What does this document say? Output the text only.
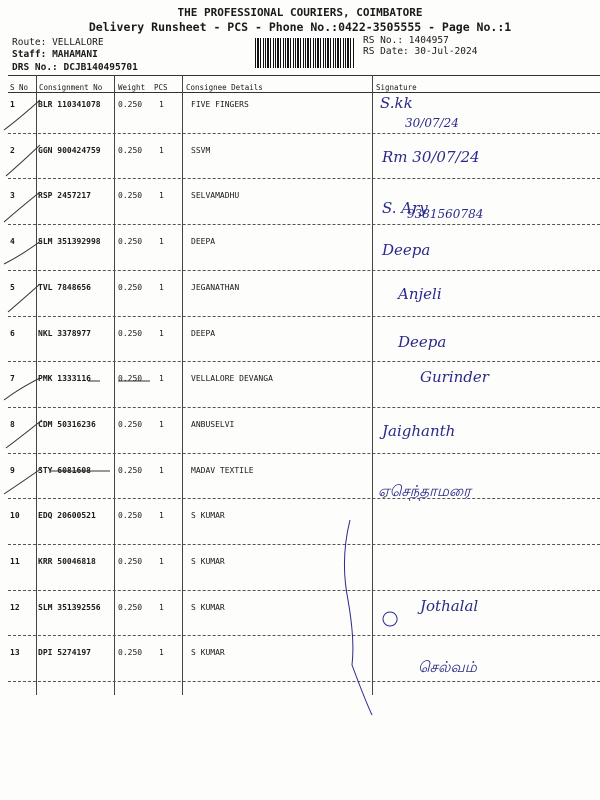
THE PROFESSIONAL COURIERS, COIMBATORE
Delivery Runsheet - PCS - Phone No.:0422-3505555 - Page No.:1
Route: VELLALORE
Staff: MAHAMANI
DRS No.: DCJB140495701
RS No.: 1404957
RS Date: 30-Jul-2024
S No Consignment No Weight PCS Consignee Details	Signature
1	BLR 110341078 0.250 1	FIVE FINGERS	S.kk
30/07/24
2	GGN 900424759 0.250 1	SSVM	Rm 30/07/24
3	RSP 2457217	0.250 1	SELVAMADHU
S. Ary
9381560784
4	SLM 351392998 0.250 1	DEEPA	Deepa
5	TVL 7848656	0.250 1	JEGANATHAN	Anjeli
6	NKL 3378977	0.250 1	DEEPA	Deepa
7	PMK 1333116	0.250 1	VELLALORE DEVANGA	Gurinder
8	CDM 50316236	0.250 1	ANBUSELVI	Jaighanth
9	STY 6081608	0.250 1	MADAV TEXTILE
ஏசெந்தாமரை
10 EDQ 20600521	0.250 1	S KUMAR
11 KRR 50046818	0.250 1	S KUMAR
12 SLM 351392556 0.250 1	S KUMAR	Jothalal
13 DPI 5274197	0.250 1	S KUMAR
செல்வம்
